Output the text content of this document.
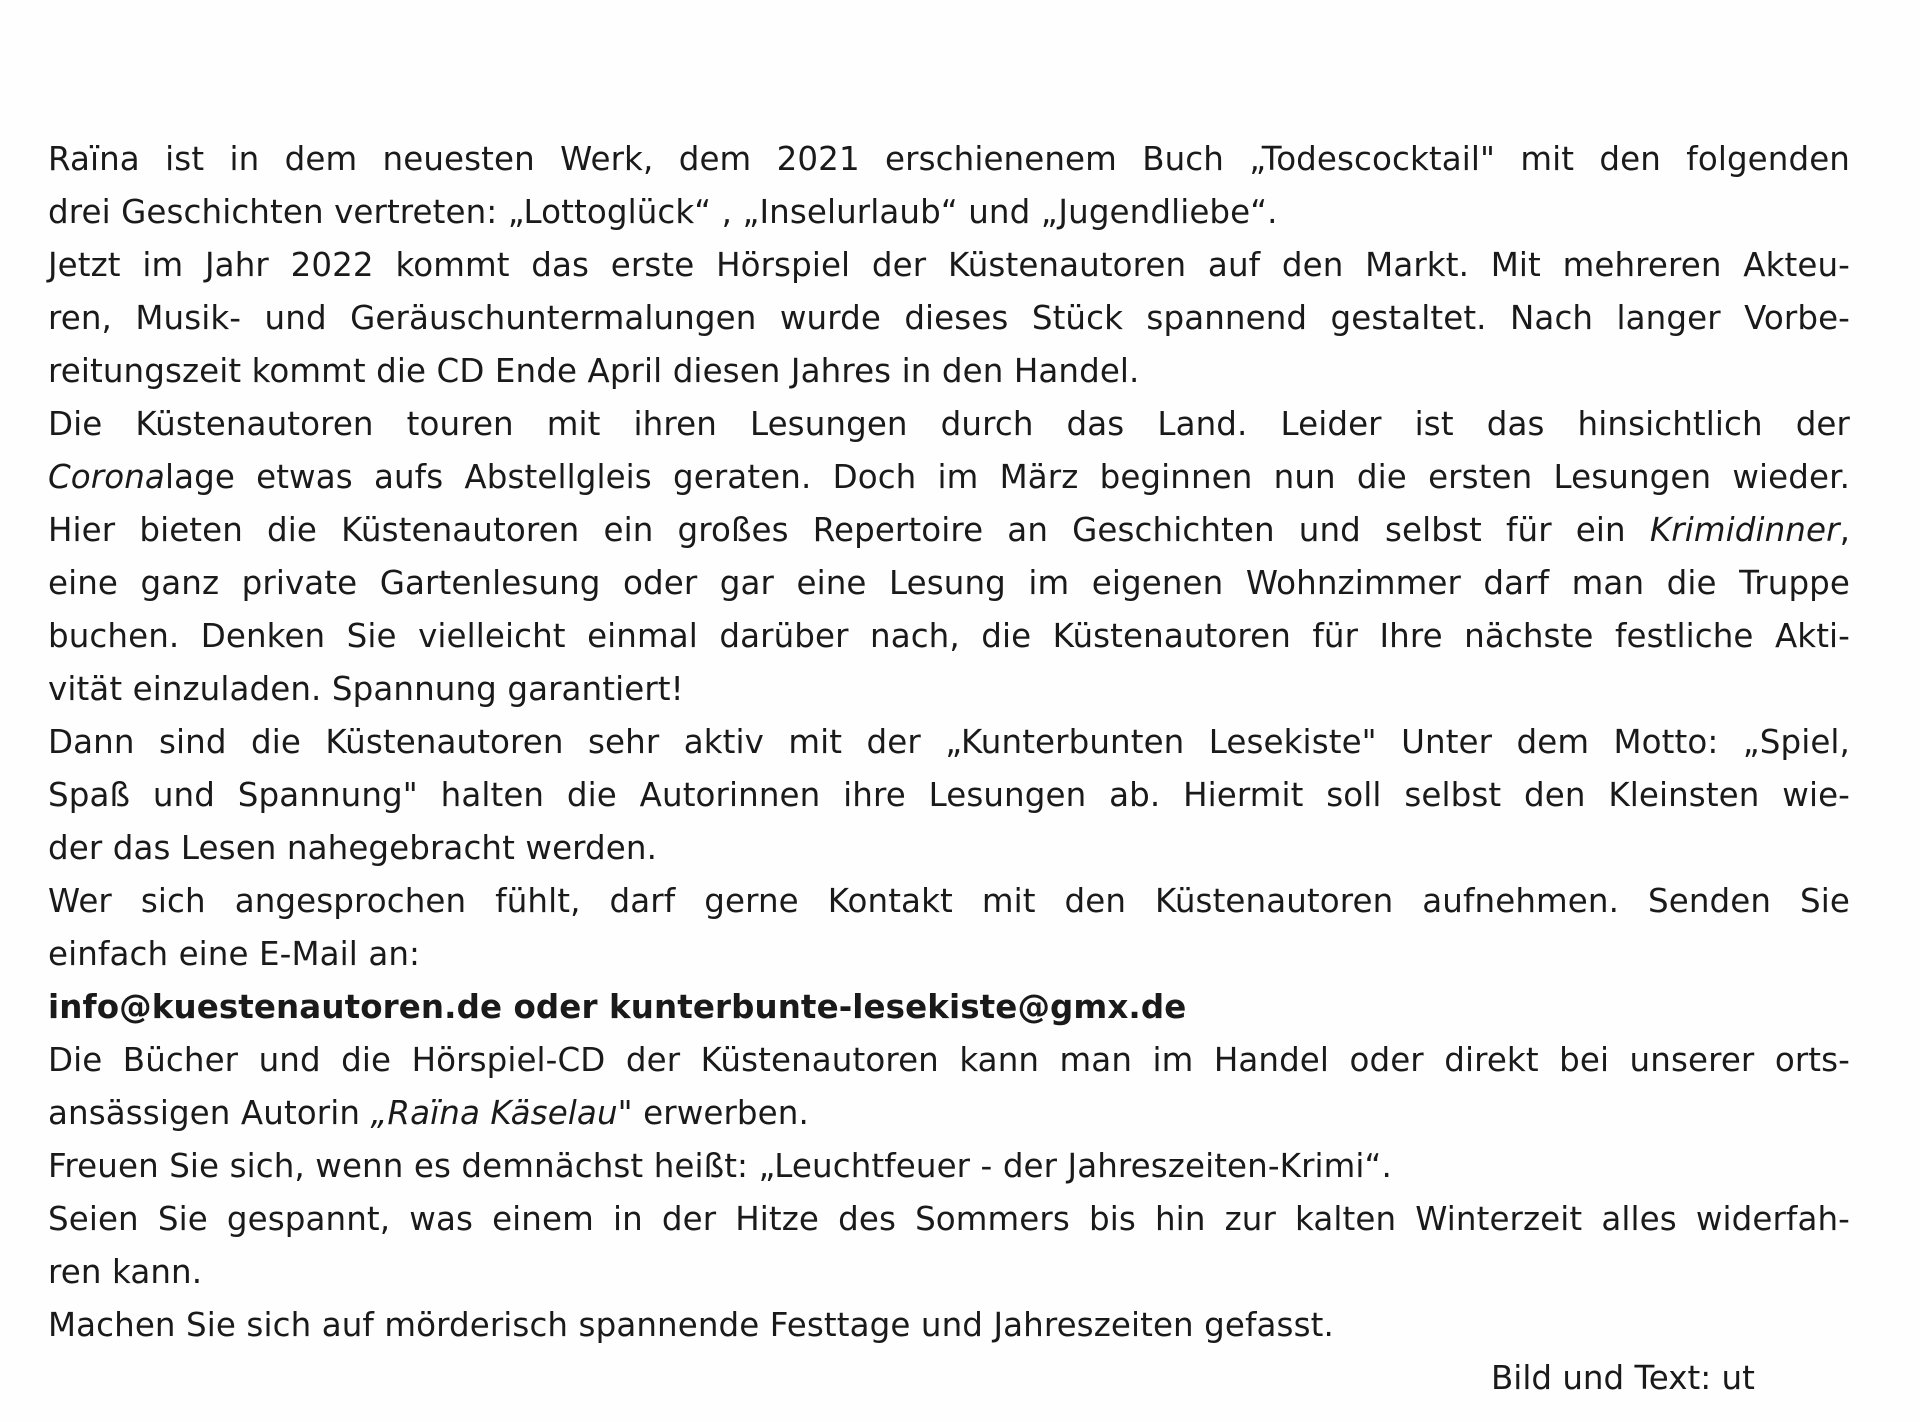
Raïna ist in dem neuesten Werk, dem 2021 erschienenem Buch „Todescocktail" mit den folgenden
drei Geschichten vertreten: „Lottoglück“ , „Inselurlaub“ und „Jugendliebe“.
Jetzt im Jahr 2022 kommt das erste Hörspiel der Küstenautoren auf den Markt. Mit mehreren Akteu-
ren, Musik- und Geräuschuntermalungen wurde dieses Stück spannend gestaltet. Nach langer Vorbe-
reitungszeit kommt die CD Ende April diesen Jahres in den Handel.
Die Küstenautoren touren mit ihren Lesungen durch das Land. Leider ist das hinsichtlich der
Coronalage etwas aufs Abstellgleis geraten. Doch im März beginnen nun die ersten Lesungen wieder.
Hier bieten die Küstenautoren ein großes Repertoire an Geschichten und selbst für ein Krimidinner,
eine ganz private Gartenlesung oder gar eine Lesung im eigenen Wohnzimmer darf man die Truppe
buchen. Denken Sie vielleicht einmal darüber nach, die Küstenautoren für Ihre nächste festliche Akti-
vität einzuladen. Spannung garantiert!
Dann sind die Küstenautoren sehr aktiv mit der „Kunterbunten Lesekiste" Unter dem Motto: „Spiel,
Spaß und Spannung" halten die Autorinnen ihre Lesungen ab. Hiermit soll selbst den Kleinsten wie-
der das Lesen nahegebracht werden.
Wer sich angesprochen fühlt, darf gerne Kontakt mit den Küstenautoren aufnehmen. Senden Sie
einfach eine E-Mail an:
info@kuestenautoren.de oder kunterbunte-lesekiste@gmx.de
Die Bücher und die Hörspiel-CD der Küstenautoren kann man im Handel oder direkt bei unserer orts-
ansässigen Autorin „Raïna Käselau" erwerben.
Freuen Sie sich, wenn es demnächst heißt: „Leuchtfeuer - der Jahreszeiten-Krimi“.
Seien Sie gespannt, was einem in der Hitze des Sommers bis hin zur kalten Winterzeit alles widerfah-
ren kann.
Machen Sie sich auf mörderisch spannende Festtage und Jahreszeiten gefasst.
Bild und Text: ut
